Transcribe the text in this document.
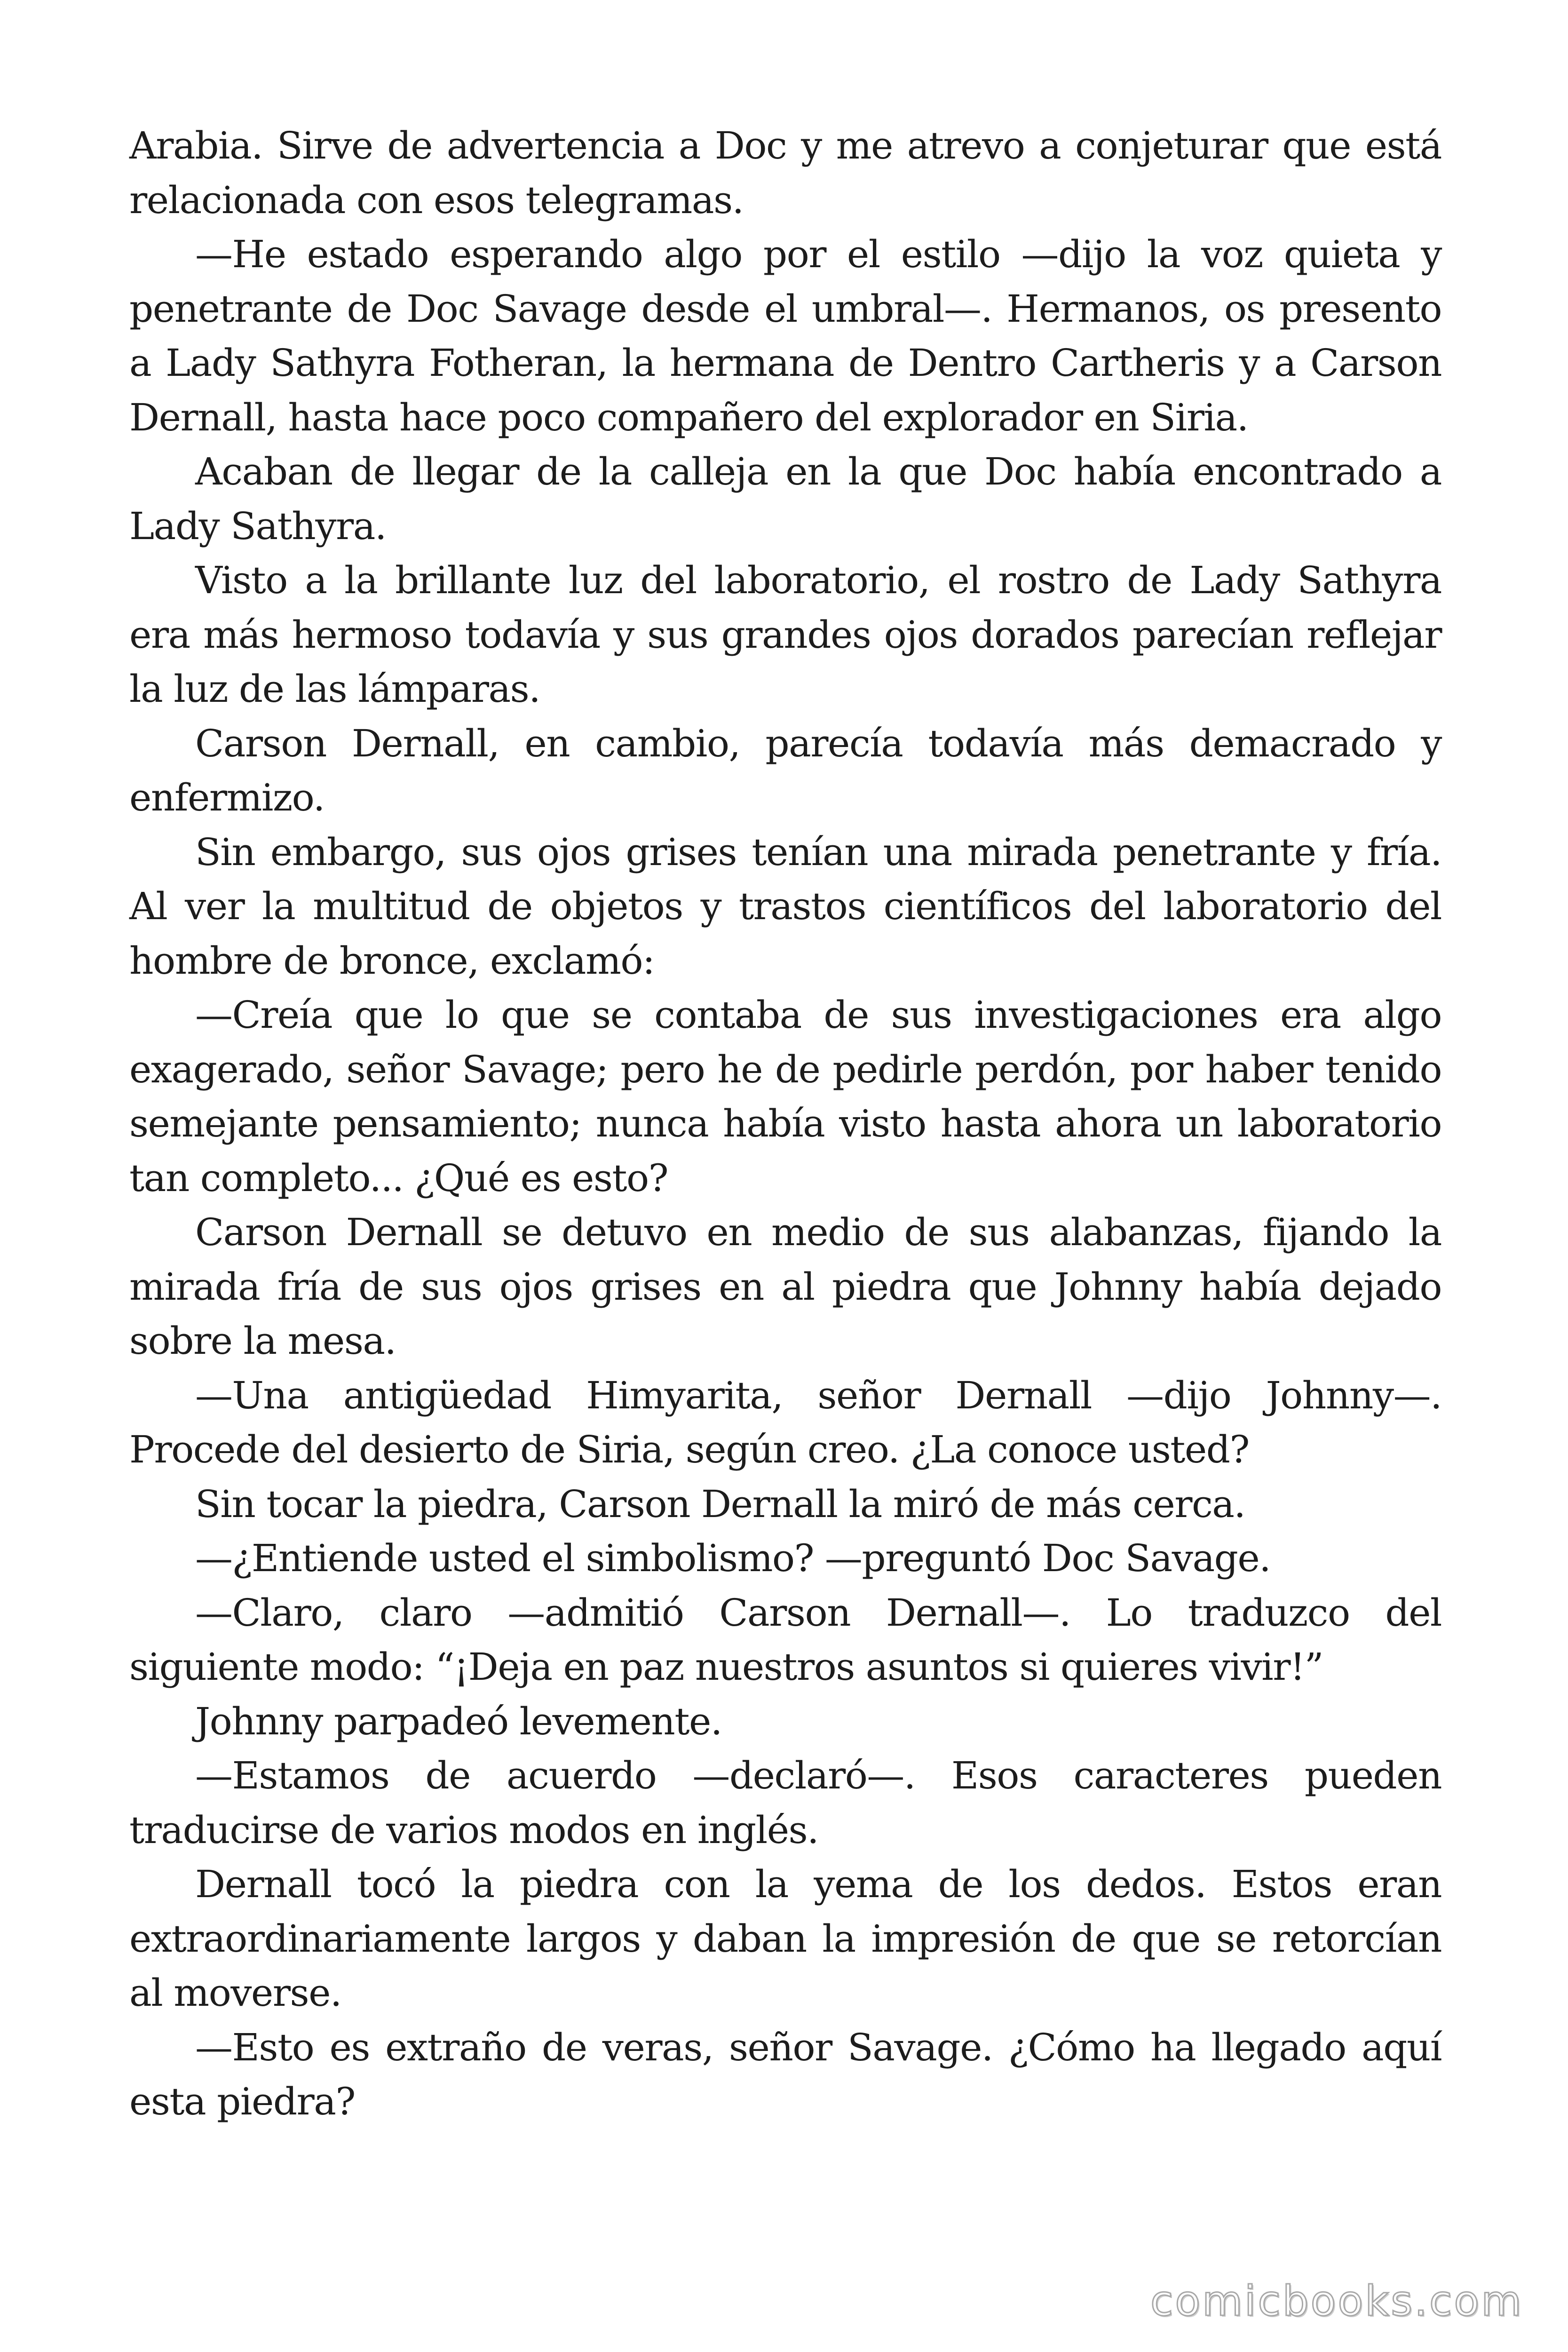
Arabia. Sirve de advertencia a Doc y me atrevo a conjeturar que está relacionada con esos telegramas.

—He estado esperando algo por el estilo —dijo la voz quieta y penetrante de Doc Savage desde el umbral—. Hermanos, os presento a Lady Sathyra Fotheran, la hermana de Dentro Cartheris y a Carson Dernall, hasta hace poco compañero del explorador en Siria.

Acaban de llegar de la calleja en la que Doc había encontrado a Lady Sathyra.

Visto a la brillante luz del laboratorio, el rostro de Lady Sathyra era más hermoso todavía y sus grandes ojos dorados parecían reflejar la luz de las lámparas.

Carson Dernall, en cambio, parecía todavía más demacrado y enfermizo.

Sin embargo, sus ojos grises tenían una mirada penetrante y fría. Al ver la multitud de objetos y trastos científicos del laboratorio del hombre de bronce, exclamó:

—Creía que lo que se contaba de sus investigaciones era algo exagerado, señor Savage; pero he de pedirle perdón, por haber tenido semejante pensamiento; nunca había visto hasta ahora un laboratorio tan completo... ¿Qué es esto?

Carson Dernall se detuvo en medio de sus alabanzas, fijando la mirada fría de sus ojos grises en al piedra que Johnny había dejado sobre la mesa.

—Una antigüedad Himyarita, señor Dernall —dijo Johnny—. Procede del desierto de Siria, según creo. ¿La conoce usted?

Sin tocar la piedra, Carson Dernall la miró de más cerca.

—¿Entiende usted el simbolismo? —preguntó Doc Savage.

—Claro, claro —admitió Carson Dernall—. Lo traduzco del siguiente modo: “¡Deja en paz nuestros asuntos si quieres vivir!”

Johnny parpadeó levemente.

—Estamos de acuerdo —declaró—. Esos caracteres pueden traducirse de varios modos en inglés.

Dernall tocó la piedra con la yema de los dedos. Estos eran extraordinariamente largos y daban la impresión de que se retorcían al moverse.

—Esto es extraño de veras, señor Savage. ¿Cómo ha llegado aquí esta piedra?

comicbooks.com
